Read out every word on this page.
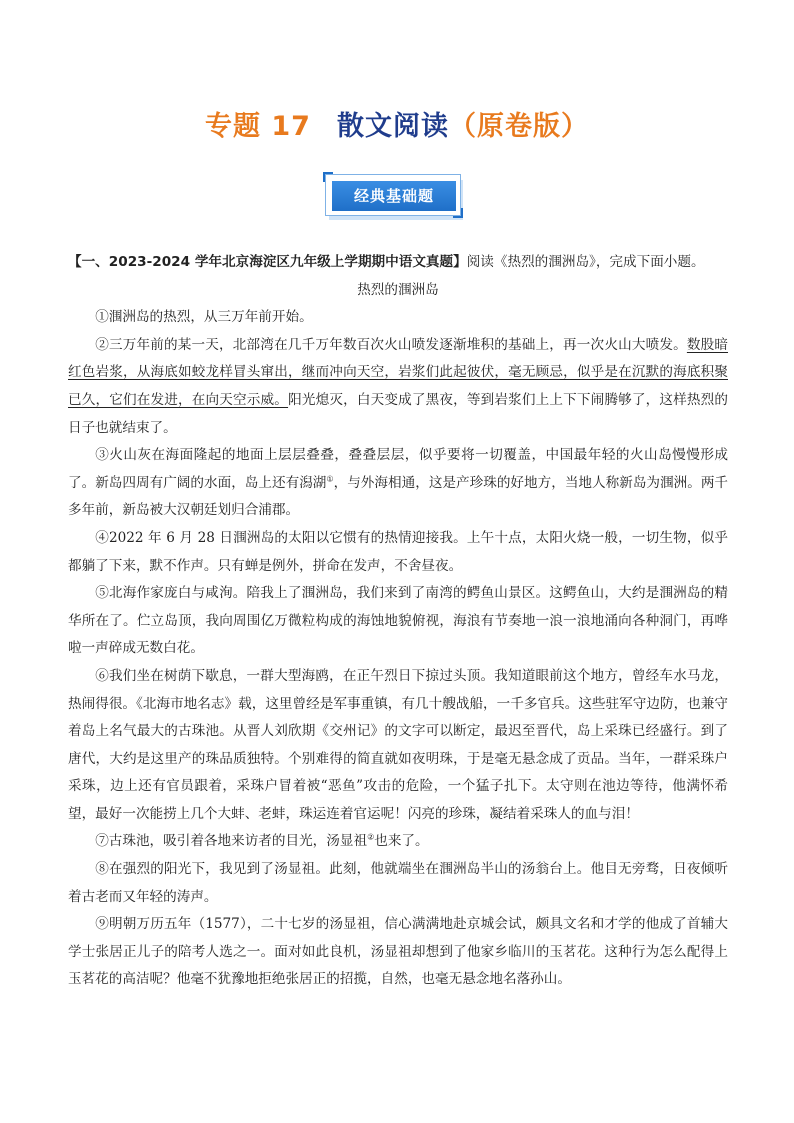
专题 17 散文阅读（原卷版）
经典基础题

【一、2023-2024 学年北京海淀区九年级上学期期中语文真题】阅读《热烈的涠洲岛》，完成下面小题。

热烈的涠洲岛

①涠洲岛的热烈，从三万年前开始。

②三万年前的某一天，北部湾在几千万年数百次火山喷发逐渐堆积的基础上，再一次火山大喷发。数股暗红色岩浆，从海底如蛟龙样冒头窜出，继而冲向天空，岩浆们此起彼伏，毫无顾忌，似乎是在沉默的海底积聚已久，它们在发进，在向天空示威。阳光熄灭，白天变成了黑夜，等到岩浆们上上下下闹腾够了，这样热烈的日子也就结束了。

③火山灰在海面隆起的地面上层层叠叠，叠叠层层，似乎要将一切覆盖，中国最年轻的火山岛慢慢形成了。新岛四周有广阔的水面，岛上还有潟湖①，与外海相通，这是产珍珠的好地方，当地人称新岛为涠洲。两千多年前，新岛被大汉朝廷划归合浦郡。

④2022 年 6 月 28 日涠洲岛的太阳以它惯有的热情迎接我。上午十点，太阳火烧一般，一切生物，似乎都躺了下来，默不作声。只有蝉是例外，拼命在发声，不舍昼夜。

⑤北海作家庞白与咸洵。陪我上了涠洲岛，我们来到了南湾的鳄鱼山景区。这鳄鱼山，大约是涠洲岛的精华所在了。伫立岛顶，我向周围亿万微粒构成的海蚀地貌俯视，海浪有节奏地一浪一浪地涌向各种洞门，再哗啦一声碎成无数白花。

⑥我们坐在树荫下歇息，一群大型海鸥，在正午烈日下掠过头顶。我知道眼前这个地方，曾经车水马龙，热闹得很。《北海市地名志》载，这里曾经是军事重镇，有几十艘战船，一千多官兵。这些驻军守边防，也兼守着岛上名气最大的古珠池。从晋人刘欣期《交州记》的文字可以断定，最迟至晋代，岛上采珠已经盛行。到了唐代，大约是这里产的珠品质独特。个别难得的简直就如夜明珠，于是毫无悬念成了贡品。当年，一群采珠户采珠，边上还有官员跟着，采珠户冒着被“恶鱼”攻击的危险，一个猛子扎下。太守则在池边等待，他满怀希望，最好一次能捞上几个大蚌、老蚌，珠运连着官运呢！闪亮的珍珠，凝结着采珠人的血与泪！

⑦古珠池，吸引着各地来访者的目光，汤显祖②也来了。

⑧在强烈的阳光下，我见到了汤显祖。此刻，他就端坐在涠洲岛半山的汤翁台上。他目无旁骛，日夜倾听着古老而又年轻的涛声。

⑨明朝万历五年（1577），二十七岁的汤显祖，信心满满地赴京城会试，颇具文名和才学的他成了首辅大学士张居正儿子的陪考人选之一。面对如此良机，汤显祖却想到了他家乡临川的玉茗花。这种行为怎么配得上玉茗花的高洁呢？他毫不犹豫地拒绝张居正的招揽，自然，也毫无悬念地名落孙山。
